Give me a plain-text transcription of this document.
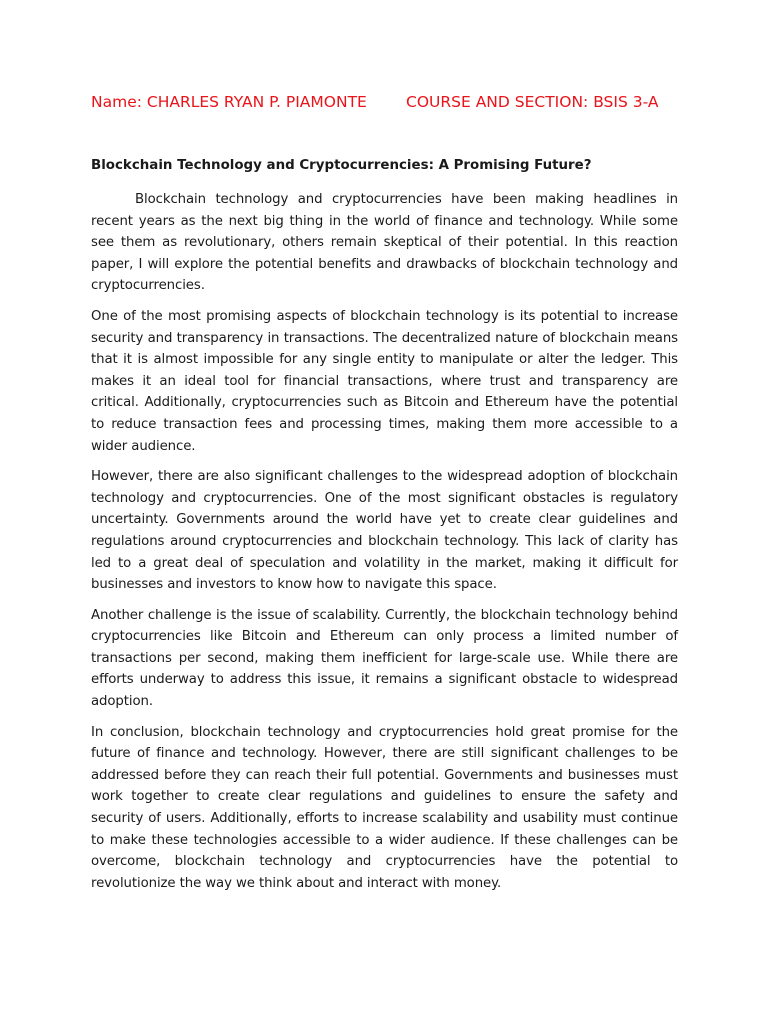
Name: CHARLES RYAN P. PIAMONTE	COURSE AND SECTION: BSIS 3-A
Blockchain Technology and Cryptocurrencies: A Promising Future?

Blockchain technology and cryptocurrencies have been making headlines in recent years as the next big thing in the world of finance and technology. While some see them as revolutionary, others remain skeptical of their potential. In this reaction paper, I will explore the potential benefits and drawbacks of blockchain technology and cryptocurrencies.

One of the most promising aspects of blockchain technology is its potential to increase security and transparency in transactions. The decentralized nature of blockchain means that it is almost impossible for any single entity to manipulate or alter the ledger. This makes it an ideal tool for financial transactions, where trust and transparency are critical. Additionally, cryptocurrencies such as Bitcoin and Ethereum have the potential to reduce transaction fees and processing times, making them more accessible to a wider audience.

However, there are also significant challenges to the widespread adoption of blockchain technology and cryptocurrencies. One of the most significant obstacles is regulatory uncertainty. Governments around the world have yet to create clear guidelines and regulations around cryptocurrencies and blockchain technology. This lack of clarity has led to a great deal of speculation and volatility in the market, making it difficult for businesses and investors to know how to navigate this space.

Another challenge is the issue of scalability. Currently, the blockchain technology behind cryptocurrencies like Bitcoin and Ethereum can only process a limited number of transactions per second, making them inefficient for large-scale use. While there are efforts underway to address this issue, it remains a significant obstacle to widespread adoption.

In conclusion, blockchain technology and cryptocurrencies hold great promise for the future of finance and technology. However, there are still significant challenges to be addressed before they can reach their full potential. Governments and businesses must work together to create clear regulations and guidelines to ensure the safety and security of users. Additionally, efforts to increase scalability and usability must continue to make these technologies accessible to a wider audience. If these challenges can be overcome, blockchain technology and cryptocurrencies have the potential to revolutionize the way we think about and interact with money.
